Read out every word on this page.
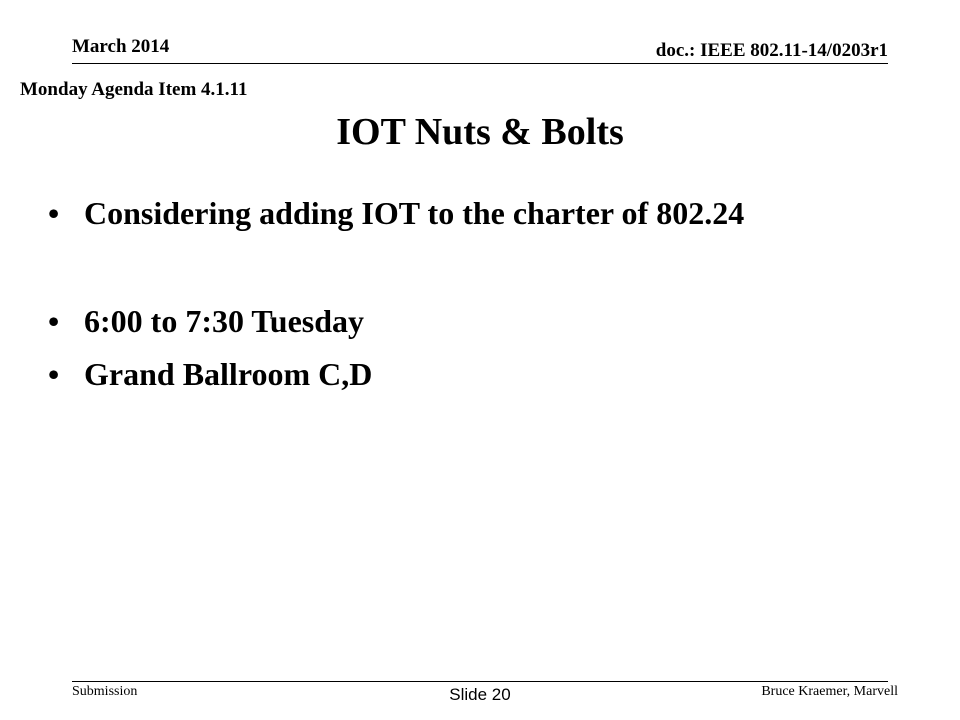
March 2014	doc.: IEEE 802.11-14/0203r1
Monday Agenda Item 4.1.11
IOT Nuts & Bolts
• Considering adding IOT to the charter of 802.24
• 6:00 to 7:30 Tuesday
• Grand Ballroom C,D
Submission	Slide 20	Bruce Kraemer, Marvell
